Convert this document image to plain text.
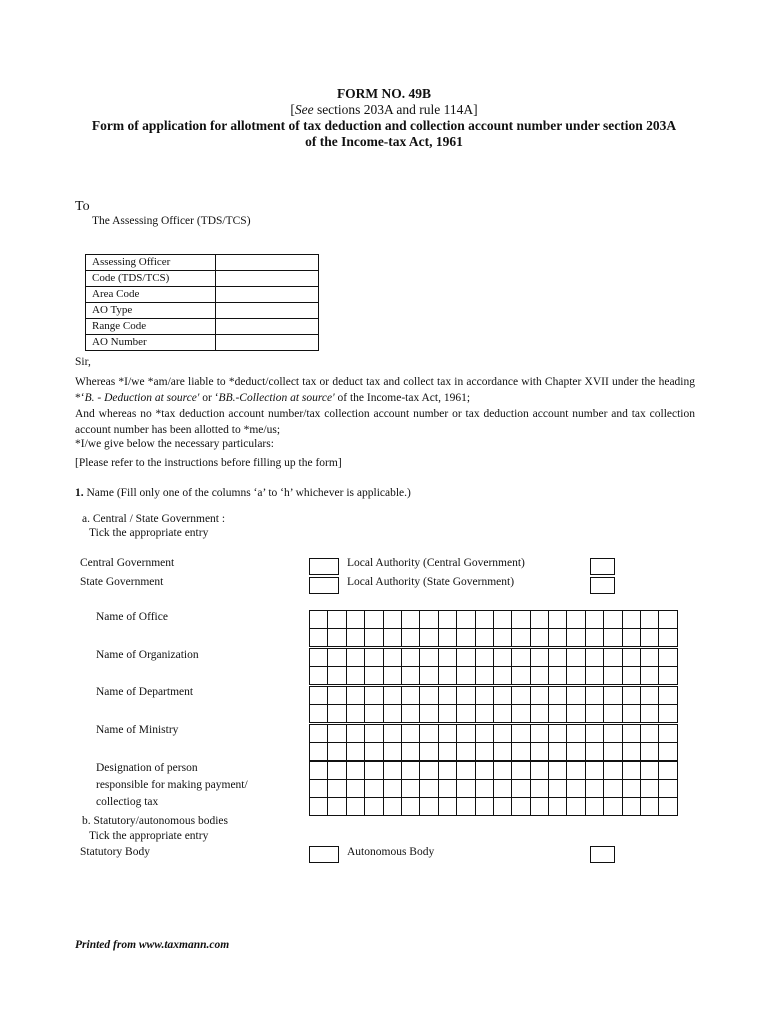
FORM NO. 49B
[See sections 203A and rule 114A]
Form of application for allotment of tax deduction and collection account number under section 203A
of the Income-tax Act, 1961
To
The Assessing Officer (TDS/TCS)
Assessing Officer	
Code (TDS/TCS)	
Area Code	
AO Type	
Range Code	
AO Number	
Sir,
Whereas *I/we *am/are liable to *deduct/collect tax or deduct tax and collect tax in accordance with Chapter XVII under the heading *‘B. - Deduction at source' or ‘BB.-Collection at source' of the Income-tax Act, 1961;
And whereas no *tax deduction account number/tax collection account number or tax deduction account number and tax collection account number has been allotted to *me/us;
*I/we give below the necessary particulars:
[Please refer to the instructions before filling up the form]
1. Name (Fill only one of the columns ‘a’ to ‘h’ whichever is applicable.)
a. Central / State Government :
Tick the appropriate entry
Central Government	Local Authority (Central Government)
State Government	Local Authority (State Government)
Name of Office
Name of Organization
Name of Department
Name of Ministry
Designation of person
responsible for making payment/
collectiog tax
b. Statutory/autonomous bodies
Tick the appropriate entry
Statutory Body	Autonomous Body
Printed from www.taxmann.com
